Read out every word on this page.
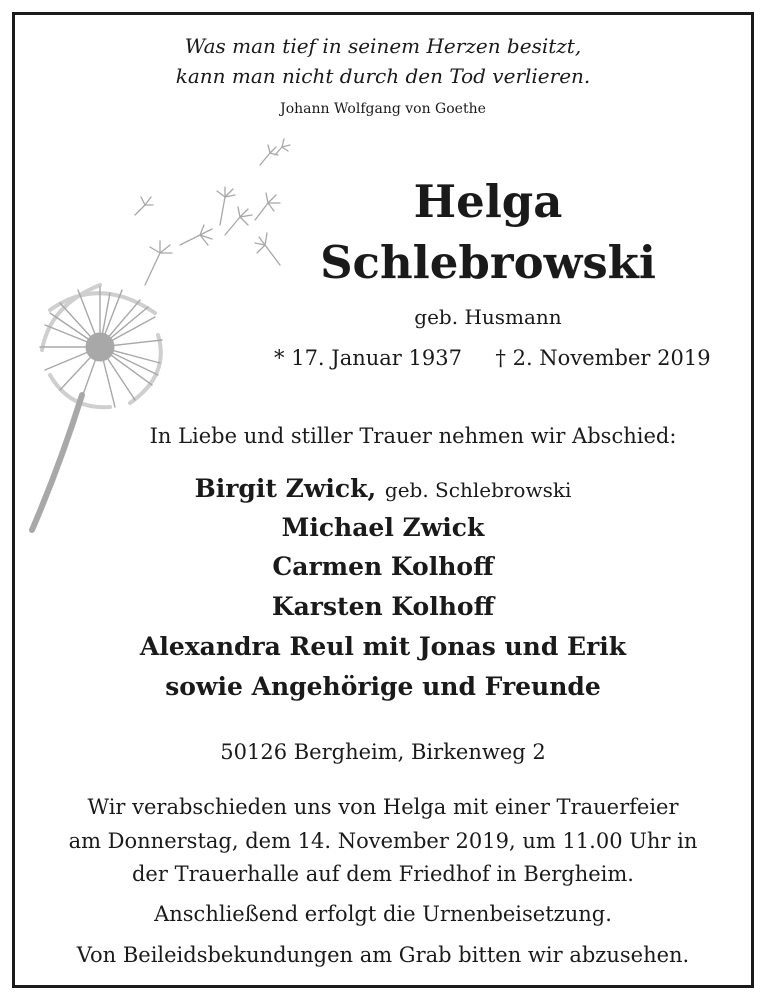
Was man tief in seinem Herzen besitzt,
kann man nicht durch den Tod verlieren.
Johann Wolfgang von Goethe
Helga
Schlebrowski
geb. Husmann
* 17. Januar 1937	† 2. November 2019
In Liebe und stiller Trauer nehmen wir Abschied:
Birgit Zwick, geb. Schlebrowski
Michael Zwick
Carmen Kolhoff
Karsten Kolhoff
Alexandra Reul mit Jonas und Erik
sowie Angehörige und Freunde
50126 Bergheim, Birkenweg 2
Wir verabschieden uns von Helga mit einer Trauerfeier
am Donnerstag, dem 14. November 2019, um 11.00 Uhr in
der Trauerhalle auf dem Friedhof in Bergheim.
Anschließend erfolgt die Urnenbeisetzung.
Von Beileidsbekundungen am Grab bitten wir abzusehen.
